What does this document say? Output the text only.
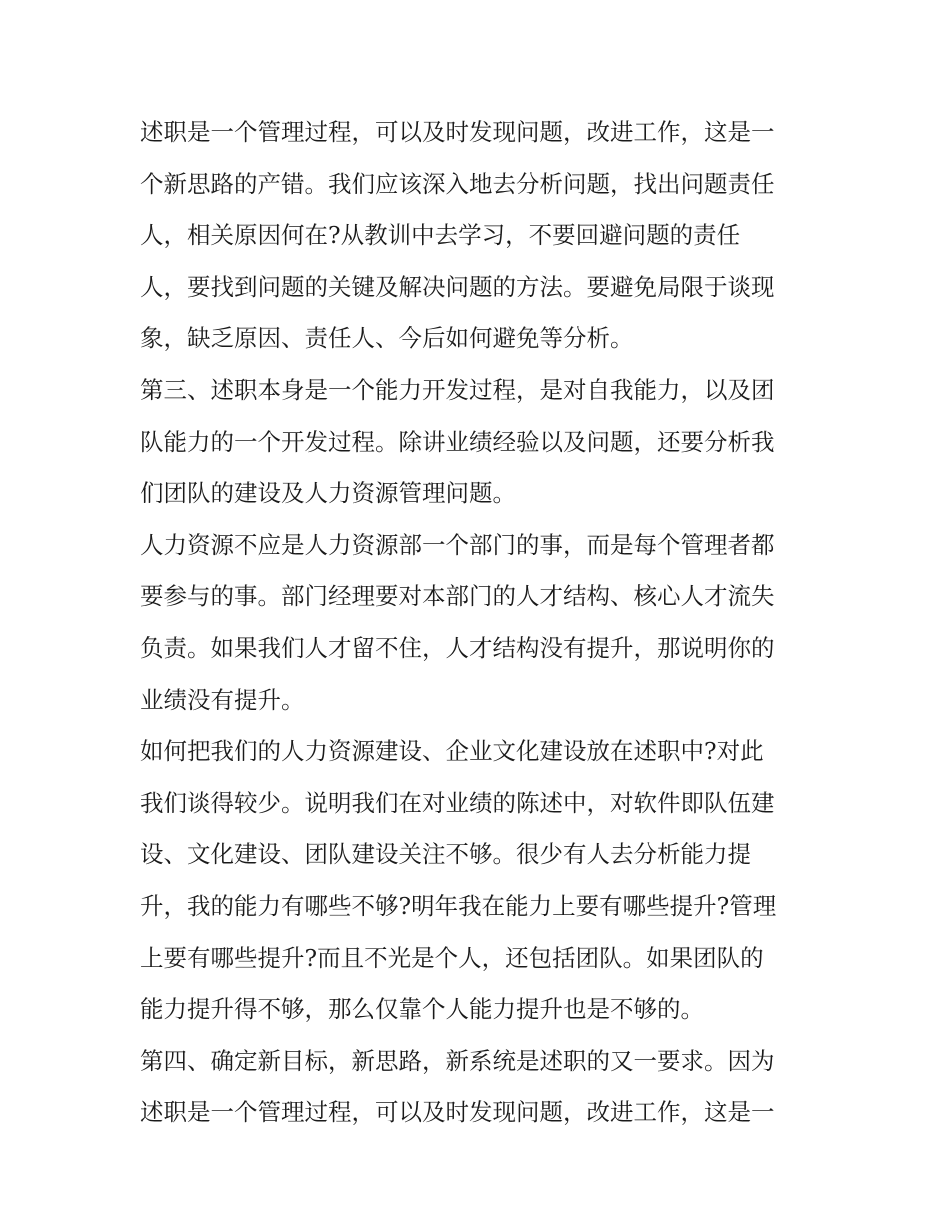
述职是一个管理过程，可以及时发现问题，改进工作，这是一
个新思路的产错。我们应该深入地去分析问题，找出问题责任
人，相关原因何在?从教训中去学习，不要回避问题的责任
人，要找到问题的关键及解决问题的方法。要避免局限于谈现
象，缺乏原因、责任人、今后如何避免等分析。
第三、述职本身是一个能力开发过程，是对自我能力，以及团
队能力的一个开发过程。除讲业绩经验以及问题，还要分析我
们团队的建设及人力资源管理问题。
人力资源不应是人力资源部一个部门的事，而是每个管理者都
要参与的事。部门经理要对本部门的人才结构、核心人才流失
负责。如果我们人才留不住，人才结构没有提升，那说明你的
业绩没有提升。
如何把我们的人力资源建设、企业文化建设放在述职中?对此
我们谈得较少。说明我们在对业绩的陈述中，对软件即队伍建
设、文化建设、团队建设关注不够。很少有人去分析能力提
升，我的能力有哪些不够?明年我在能力上要有哪些提升?管理
上要有哪些提升?而且不光是个人，还包括团队。如果团队的
能力提升得不够，那么仅靠个人能力提升也是不够的。
第四、确定新目标，新思路，新系统是述职的又一要求。因为
述职是一个管理过程，可以及时发现问题，改进工作，这是一
